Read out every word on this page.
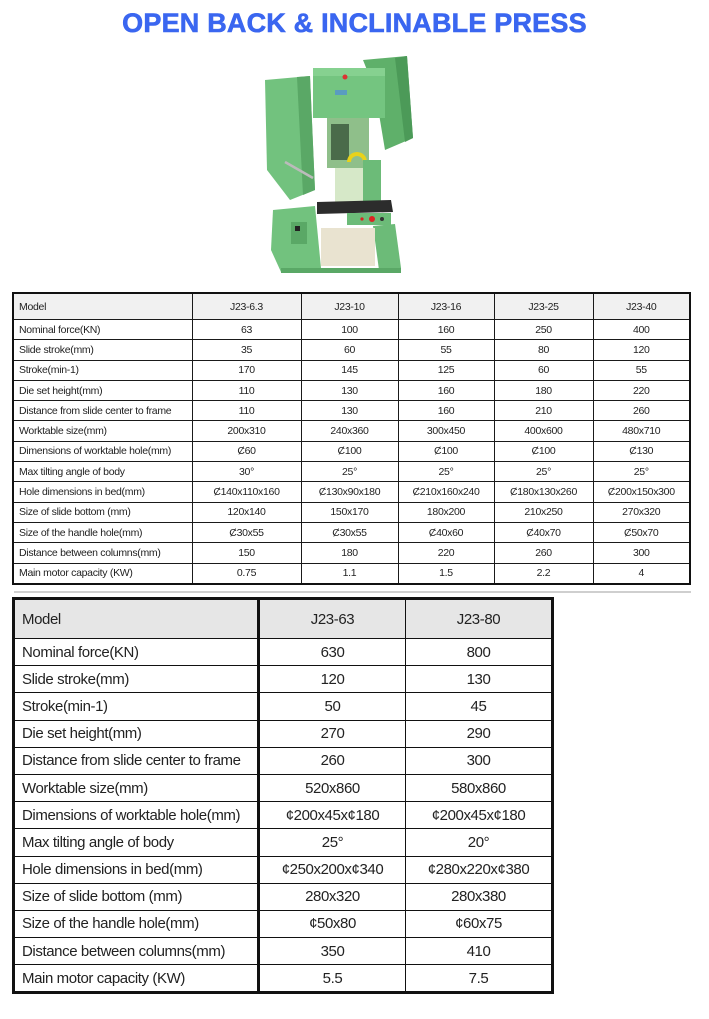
OPEN BACK & INCLINABLE PRESS
Model	J23-6.3	J23-10	J23-16	J23-25	J23-40
Nominal force(KN)	63	100	160	250	400
Slide stroke(mm)	35	60	55	80	120
Stroke(min-1)	170	145	125	60	55
Die set height(mm)	110	130	160	180	220
Distance from slide center to frame	110	130	160	210	260
Worktable size(mm)	200x310	240x360	300x450	400x600	480x710
Dimensions of worktable hole(mm)	Ȼ60	Ȼ100	Ȼ100	Ȼ100	Ȼ130
Max tilting angle of body	30°	25°	25°	25°	25°
Hole dimensions in bed(mm)	Ȼ140x110x160	Ȼ130x90x180	Ȼ210x160x240	Ȼ180x130x260	Ȼ200x150x300
Size of slide bottom (mm)	120x140	150x170	180x200	210x250	270x320
Size of the handle hole(mm)	Ȼ30x55	Ȼ30x55	Ȼ40x60	Ȼ40x70	Ȼ50x70
Distance between columns(mm)	150	180	220	260	300
Main motor capacity (KW)	0.75	1.1	1.5	2.2	4
Model	J23-63	J23-80
Nominal force(KN)	630	800
Slide stroke(mm)	120	130
Stroke(min-1)	50	45
Die set height(mm)	270	290
Distance from slide center to frame	260	300
Worktable size(mm)	520x860	580x860
Dimensions of worktable hole(mm)	¢200x45x¢180	¢200x45x¢180
Max tilting angle of body	25°	20°
Hole dimensions in bed(mm)	¢250x200x¢340	¢280x220x¢380
Size of slide bottom (mm)	280x320	280x380
Size of the handle hole(mm)	¢50x80	¢60x75
Distance between columns(mm)	350	410
Main motor capacity (KW)	5.5	7.5
